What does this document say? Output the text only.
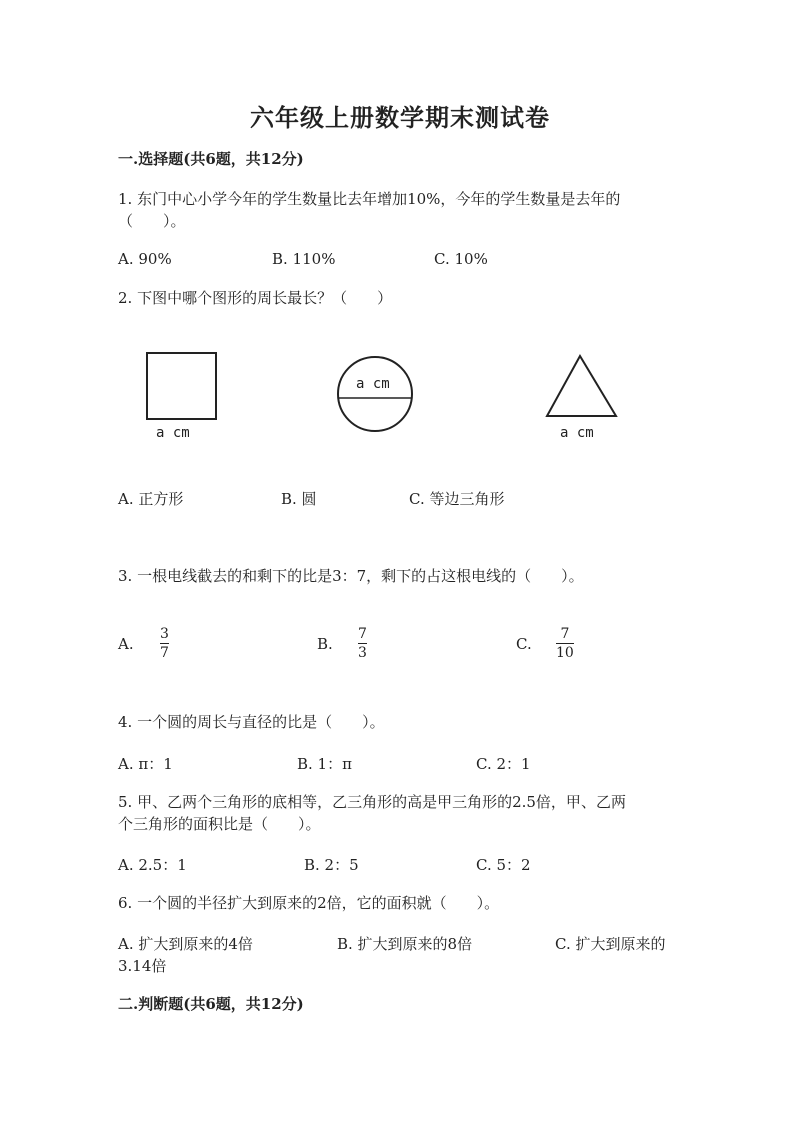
六年级上册数学期末测试卷
一.选择题(共6题，共12分)
1. 东门中心小学今年的学生数量比去年增加10%，今年的学生数量是去年的
（　　）。
A. 90%	B. 110%	C. 10%
2. 下图中哪个图形的周长最长？（　　）
a cm
a cm
a cm
A. 正方形	B. 圆	C. 等边三角形
3. 一根电线截去的和剩下的比是3：7，剩下的占这根电线的（　　）。
A.
3
7	B.
7
3	C.
7
10
4. 一个圆的周长与直径的比是（　　）。
A. π：1	B. 1：π	C. 2：1
5. 甲、乙两个三角形的底相等，乙三角形的高是甲三角形的2.5倍，甲、乙两
个三角形的面积比是（　　）。
A. 2.5：1	B. 2：5	C. 5：2
6. 一个圆的半径扩大到原来的2倍，它的面积就（　　）。
A. 扩大到原来的4倍	B. 扩大到原来的8倍	C. 扩大到原来的
3.14倍
二.判断题(共6题，共12分)
